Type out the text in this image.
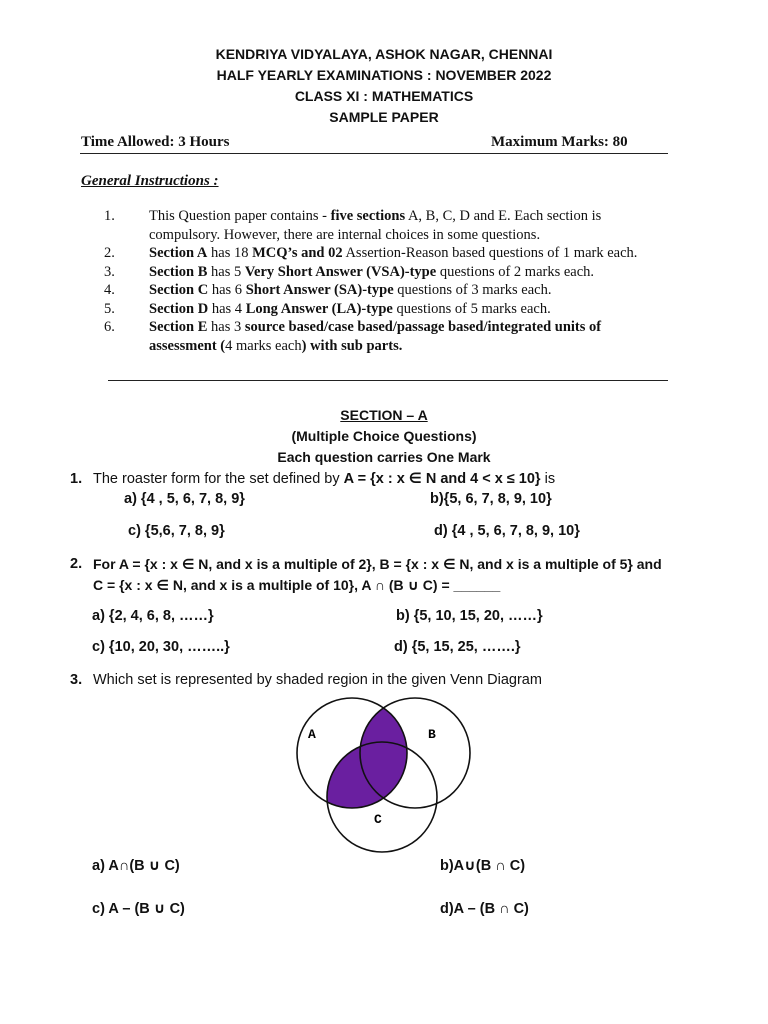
KENDRIYA VIDYALAYA, ASHOK NAGAR, CHENNAI
HALF YEARLY EXAMINATIONS : NOVEMBER 2022
CLASS XI : MATHEMATICS
SAMPLE PAPER
Time Allowed: 3 Hours	Maximum Marks: 80
General Instructions :
1. This Question paper contains - five sections A, B, C, D and E. Each section is compulsory. However, there are internal choices in some questions.
2. Section A has 18 MCQ’s and 02 Assertion-Reason based questions of 1 mark each.
3. Section B has 5 Very Short Answer (VSA)-type questions of 2 marks each.
4. Section C has 6 Short Answer (SA)-type questions of 3 marks each.
5. Section D has 4 Long Answer (LA)-type questions of 5 marks each.
6. Section E has 3 source based/case based/passage based/integrated units of assessment (4 marks each) with sub parts.
SECTION – A
(Multiple Choice Questions)
Each question carries One Mark
1. The roaster form for the set defined by A = {x : x ∈ N and 4 < x ≤ 10} is
a) {4 , 5, 6, 7, 8, 9}	b){5, 6, 7, 8, 9, 10}
c) {5,6, 7, 8, 9}	d) {4 , 5, 6, 7, 8, 9, 10}
2. For A = {x : x ∈ N, and x is a multiple of 2}, B = {x : x ∈ N, and x is a multiple of 5} and
C = {x : x ∈ N, and x is a multiple of 10}, A ∩ (B ∪ C) = ______
a) {2, 4, 6, 8, ……}	b) {5, 10, 15, 20, ……}
c) {10, 20, 30, ……..}	d) {5, 15, 25, …….}
3. Which set is represented by shaded region in the given Venn Diagram
A	B
C
a) A∩(B ∪ C)	b)A∪(B ∩ C)
c) A – (B ∪ C)	d)A – (B ∩ C)
